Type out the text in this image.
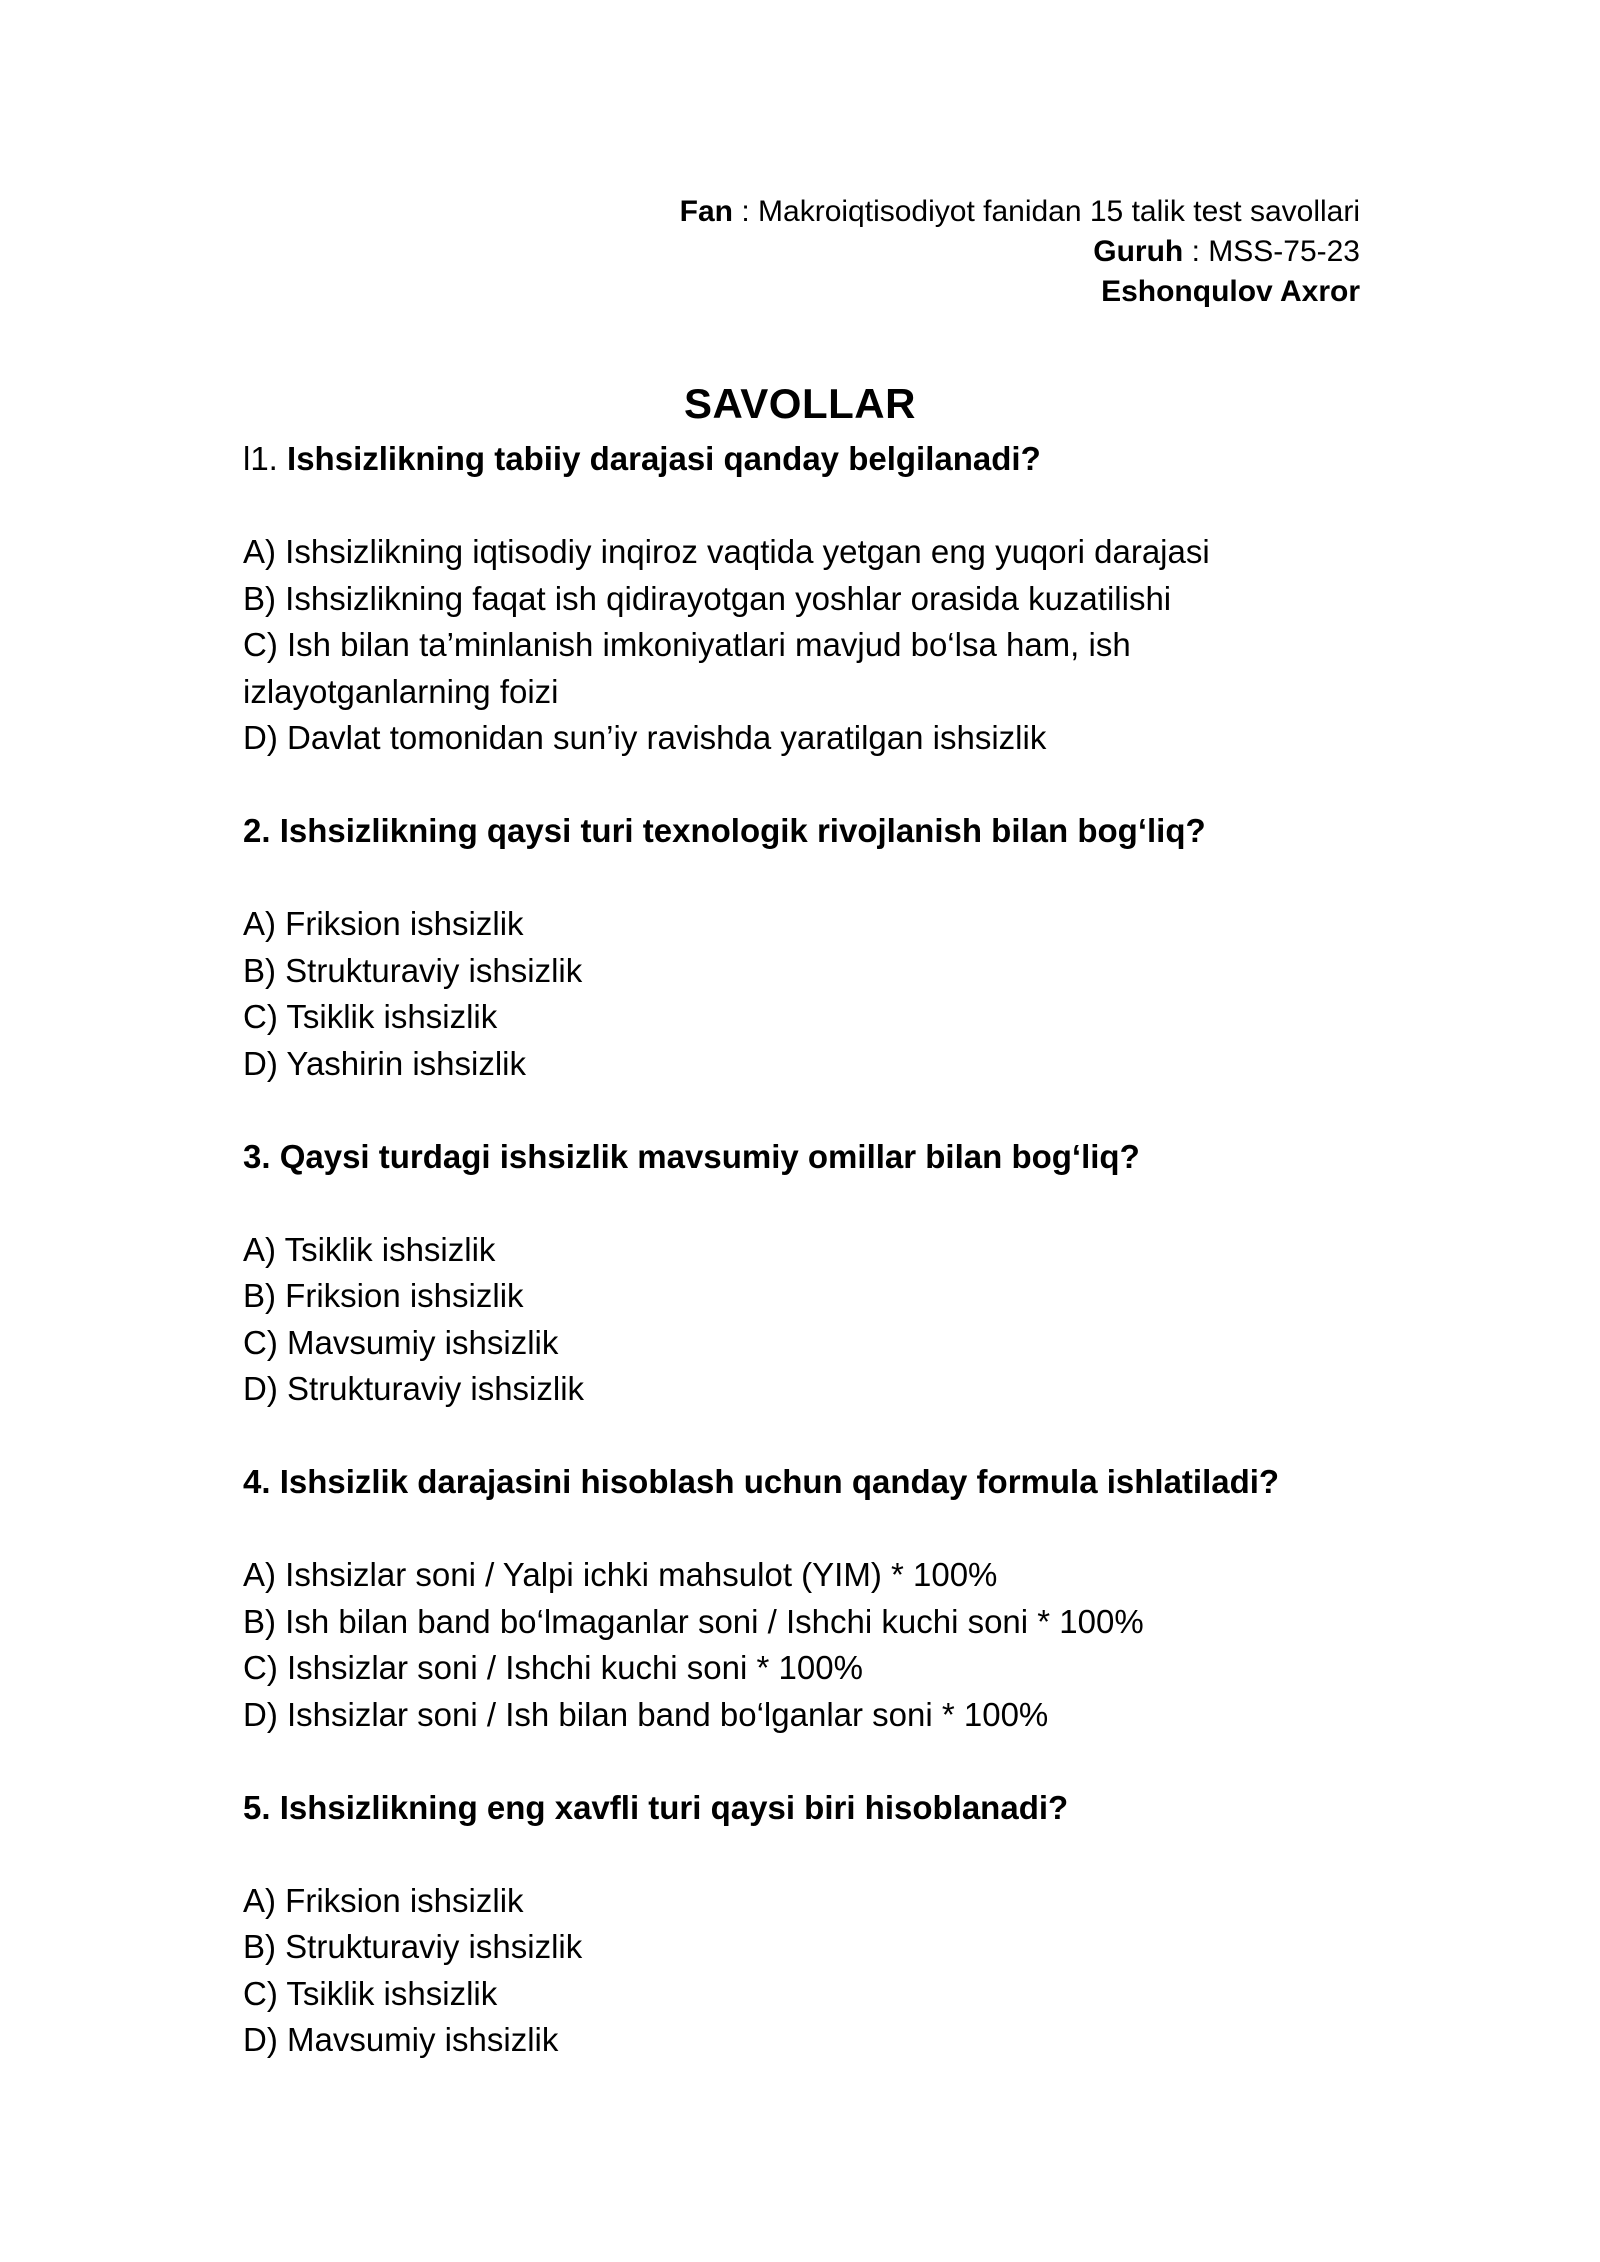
Fan : Makroiqtisodiyot fanidan 15 talik test savollari
Guruh : MSS-75-23
Eshonqulov Axror
SAVOLLAR

l1. Ishsizlikning tabiiy darajasi qanday belgilanadi?

A) Ishsizlikning iqtisodiy inqiroz vaqtida yetgan eng yuqori darajasi

B) Ishsizlikning faqat ish qidirayotgan yoshlar orasida kuzatilishi

C) Ish bilan ta’minlanish imkoniyatlari mavjud bo‘lsa ham, ish izlayotganlarning foizi

D) Davlat tomonidan sun’iy ravishda yaratilgan ishsizlik

2. Ishsizlikning qaysi turi texnologik rivojlanish bilan bog‘liq?

A) Friksion ishsizlik

B) Strukturaviy ishsizlik

C) Tsiklik ishsizlik

D) Yashirin ishsizlik

3. Qaysi turdagi ishsizlik mavsumiy omillar bilan bog‘liq?

A) Tsiklik ishsizlik

B) Friksion ishsizlik

C) Mavsumiy ishsizlik

D) Strukturaviy ishsizlik

4. Ishsizlik darajasini hisoblash uchun qanday formula ishlatiladi?

A) Ishsizlar soni / Yalpi ichki mahsulot (YIM) * 100%

B) Ish bilan band bo‘lmaganlar soni / Ishchi kuchi soni * 100%

C) Ishsizlar soni / Ishchi kuchi soni * 100%

D) Ishsizlar soni / Ish bilan band bo‘lganlar soni * 100%

5. Ishsizlikning eng xavfli turi qaysi biri hisoblanadi?

A) Friksion ishsizlik

B) Strukturaviy ishsizlik

C) Tsiklik ishsizlik

D) Mavsumiy ishsizlik
